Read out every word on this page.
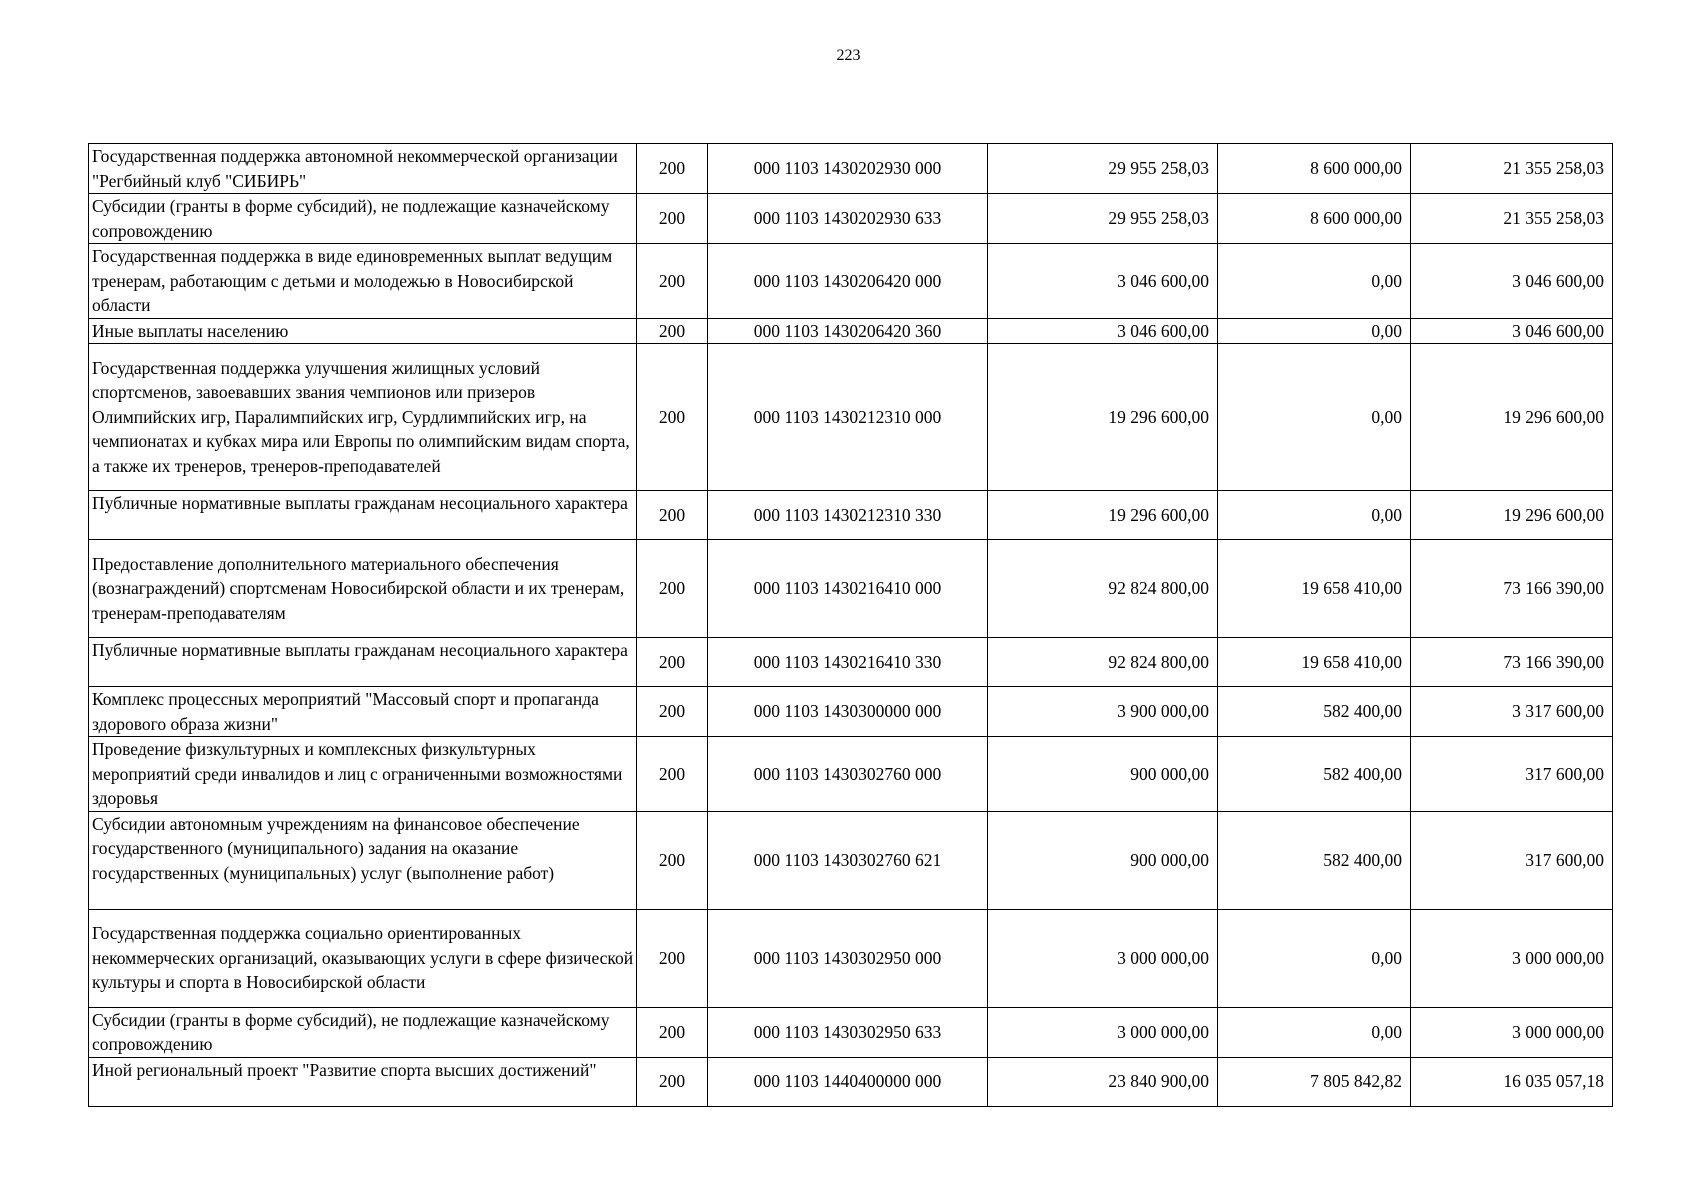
223
Государственная поддержка автономной некоммерческой организации "Регбийный клуб "СИБИРЬ"	200	000 1103 1430202930 000	29 955 258,03	8 600 000,00	21 355 258,03
Субсидии (гранты в форме субсидий), не подлежащие казначейскому сопровождению	200	000 1103 1430202930 633	29 955 258,03	8 600 000,00	21 355 258,03
Государственная поддержка в виде единовременных выплат ведущим тренерам, работающим с детьми и молодежью в Новосибирской области	200	000 1103 1430206420 000	3 046 600,00	0,00	3 046 600,00
Иные выплаты населению	200	000 1103 1430206420 360	3 046 600,00	0,00	3 046 600,00
Государственная поддержка улучшения жилищных условий спортсменов, завоевавших звания чемпионов или призеров Олимпийских игр, Паралимпийских игр, Сурдлимпийских игр, на чемпионатах и кубках мира или Европы по олимпийским видам спорта, а также их тренеров, тренеров-преподавателей	200	000 1103 1430212310 000	19 296 600,00	0,00	19 296 600,00
Публичные нормативные выплаты гражданам несоциального характера	200	000 1103 1430212310 330	19 296 600,00	0,00	19 296 600,00
Предоставление дополнительного материального обеспечения (вознаграждений) спортсменам Новосибирской области и их тренерам, тренерам-преподавателям	200	000 1103 1430216410 000	92 824 800,00	19 658 410,00	73 166 390,00
Публичные нормативные выплаты гражданам несоциального характера	200	000 1103 1430216410 330	92 824 800,00	19 658 410,00	73 166 390,00
Комплекс процессных мероприятий "Массовый спорт и пропаганда здорового образа жизни"	200	000 1103 1430300000 000	3 900 000,00	582 400,00	3 317 600,00
Проведение физкультурных и комплексных физкультурных мероприятий среди инвалидов и лиц с ограниченными возможностями здоровья	200	000 1103 1430302760 000	900 000,00	582 400,00	317 600,00
Субсидии автономным учреждениям на финансовое обеспечение государственного (муниципального) задания на оказание государственных (муниципальных) услуг (выполнение работ)	200	000 1103 1430302760 621	900 000,00	582 400,00	317 600,00
Государственная поддержка социально ориентированных некоммерческих организаций, оказывающих услуги в сфере физической культуры и спорта в Новосибирской области	200	000 1103 1430302950 000	3 000 000,00	0,00	3 000 000,00
Субсидии (гранты в форме субсидий), не подлежащие казначейскому сопровождению	200	000 1103 1430302950 633	3 000 000,00	0,00	3 000 000,00
Иной региональный проект "Развитие спорта высших достижений"	200	000 1103 1440400000 000	23 840 900,00	7 805 842,82	16 035 057,18
